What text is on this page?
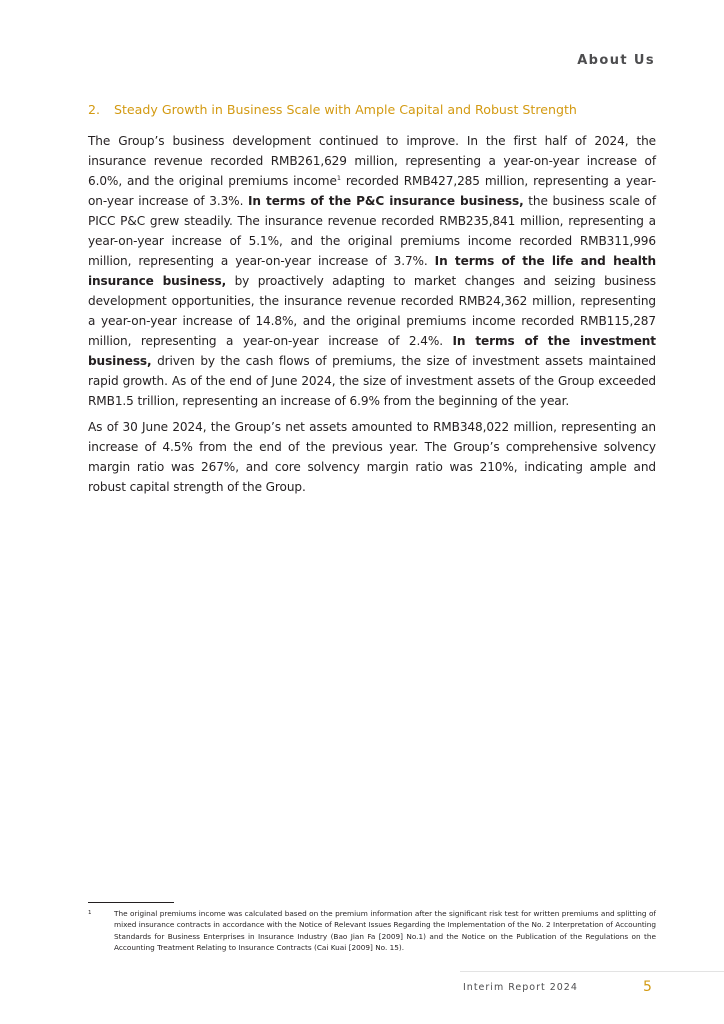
About Us
2. Steady Growth in Business Scale with Ample Capital and Robust Strength

The Group’s business development continued to improve. In the first half of 2024, the insurance revenue recorded RMB261,629 million, representing a year-on-year increase of 6.0%, and the original premiums income$^1$ recorded RMB427,285 million, representing a year-on-year increase of 3.3%. In terms of the P&C insurance business, the business scale of PICC P&C grew steadily. The insurance revenue recorded RMB235,841 million, representing a year-on-year increase of 5.1%, and the original premiums income recorded RMB311,996 million, representing a year-on-year increase of 3.7%. In terms of the life and health insurance business, by proactively adapting to market changes and seizing business development opportunities, the insurance revenue recorded RMB24,362 million, representing a year-on-year increase of 14.8%, and the original premiums income recorded RMB115,287 million, representing a year-on-year increase of 2.4%. In terms of the investment business, driven by the cash flows of premiums, the size of investment assets maintained rapid growth. As of the end of June 2024, the size of investment assets of the Group exceeded RMB1.5 trillion, representing an increase of 6.9% from the beginning of the year.

As of 30 June 2024, the Group’s net assets amounted to RMB348,022 million, representing an increase of 4.5% from the end of the previous year. The Group’s comprehensive solvency margin ratio was 267%, and core solvency margin ratio was 210%, indicating ample and robust capital strength of the Group.

1	The original premiums income was calculated based on the premium information after the significant risk test for written premiums and splitting of mixed insurance contracts in accordance with the Notice of Relevant Issues Regarding the Implementation of the No. 2 Interpretation of Accounting Standards for Business Enterprises in Insurance Industry (Bao Jian Fa [2009] No.1) and the Notice on the Publication of the Regulations on the Accounting Treatment Relating to Insurance Contracts (Cai Kuai [2009] No. 15).
Interim Report 2024	5
